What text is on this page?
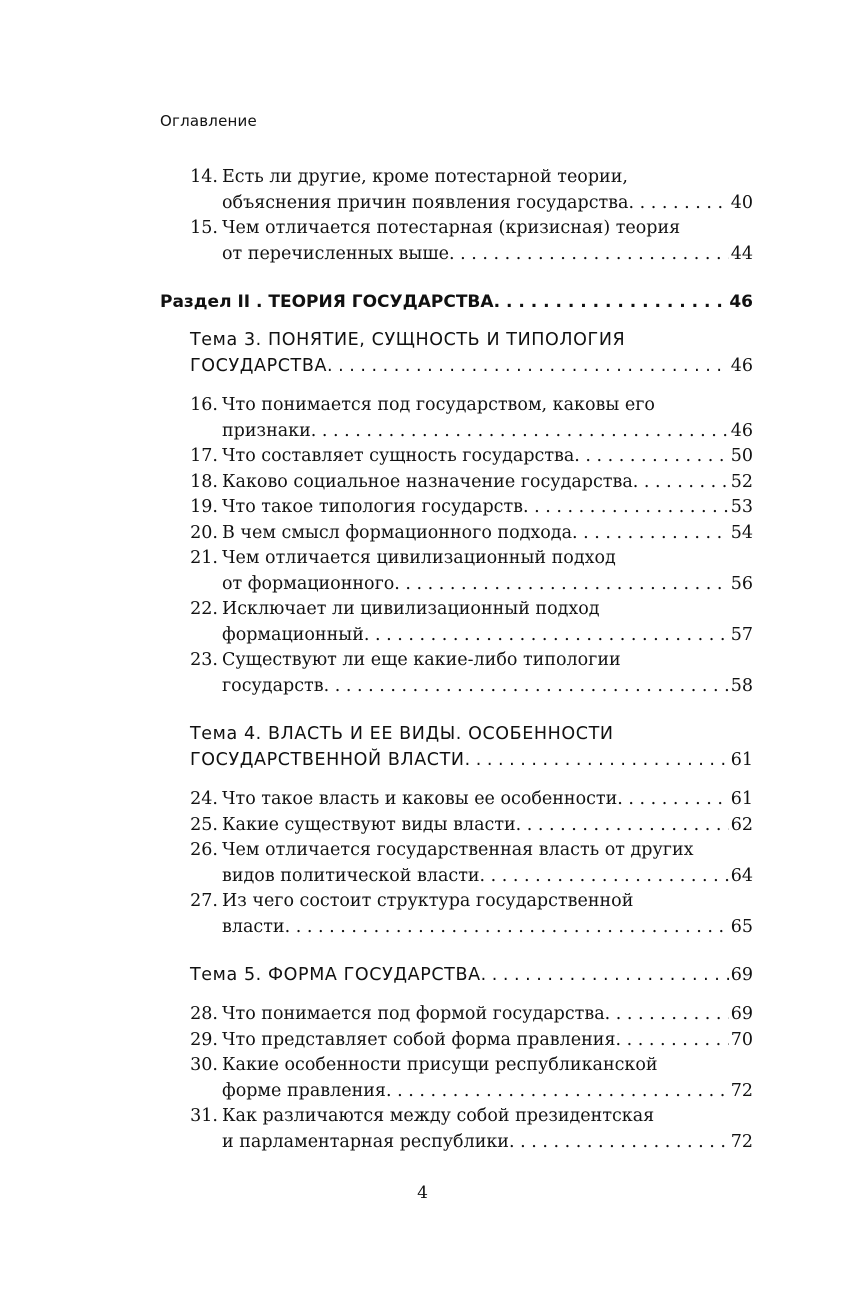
Оглавление
14. Есть ли другие, кроме потестарной теории,
объяснения причин появления государства . . .	40
15. Чем отличается потестарная (кризисная) теория
от перечисленных выше . . .	44
Раздел II . ТЕОРИЯ ГОСУДАРСТВА . . .	46
Тема 3. ПОНЯТИЕ, СУЩНОСТЬ И ТИПОЛОГИЯ
ГОСУДАРСТВА . . .	46
16. Что понимается под государством, каковы его
признаки . . .	46
17. Что составляет сущность государства . . .	50
18. Каково социальное назначение государства . . .	52
19. Что такое типология государств . . .	53
20. В чем смысл формационного подхода . . .	54
21. Чем отличается цивилизационный подход
от формационного . . .	56
22. Исключает ли цивилизационный подход
формационный . . .	57
23. Существуют ли еще какие-либо типологии
государств . . .	58
Тема 4. ВЛАСТЬ И ЕЕ ВИДЫ. ОСОБЕННОСТИ
ГОСУДАРСТВЕННОЙ ВЛАСТИ . . .	61
24. Что такое власть и каковы ее особенности . . .	61
25. Какие существуют виды власти . . .	62
26. Чем отличается государственная власть от других
видов политической власти . . .	64
27. Из чего состоит структура государственной
власти . . .	65
Тема 5. ФОРМА ГОСУДАРСТВА . . .	69
28. Что понимается под формой государства . . .	69
29. Что представляет собой форма правления . . .	70
30. Какие особенности присущи республиканской
форме правления . . .	72
31. Как различаются между собой президентская
и парламентарная республики . . .	72
4
